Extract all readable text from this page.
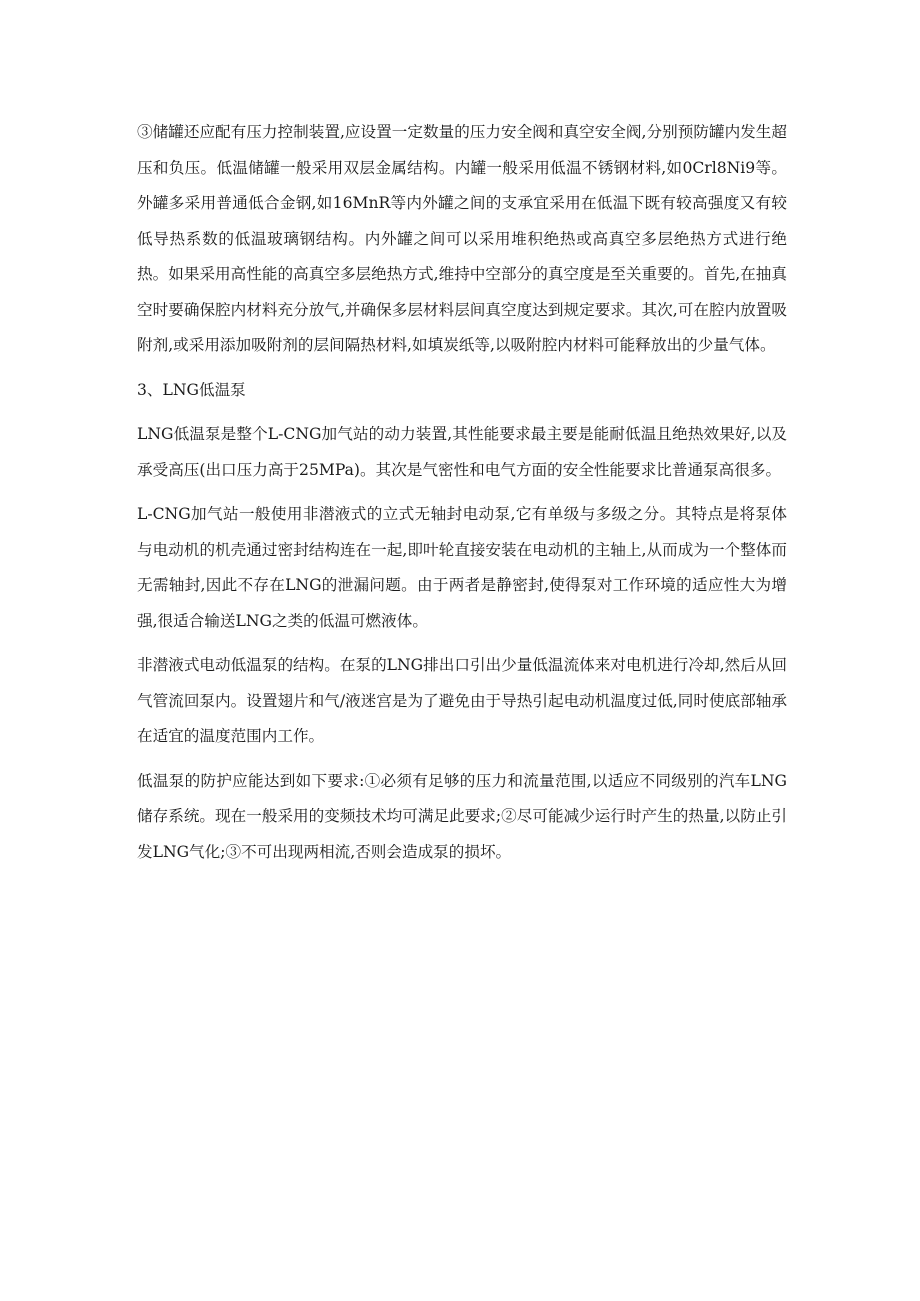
③储罐还应配有压力控制装置,应设置一定数量的压力安全阀和真空安全阀,分别预防罐内发生超压和负压。低温储罐一般采用双层金属结构。内罐一般采用低温不锈钢材料,如0Crl8Ni9等。外罐多采用普通低合金钢,如16MnR等内外罐之间的支承宜采用在低温下既有较高强度又有较低导热系数的低温玻璃钢结构。内外罐之间可以采用堆积绝热或高真空多层绝热方式进行绝热。如果采用高性能的高真空多层绝热方式,维持中空部分的真空度是至关重要的。首先,在抽真空时要确保腔内材料充分放气,并确保多层材料层间真空度达到规定要求。其次,可在腔内放置吸附剂,或采用添加吸附剂的层间隔热材料,如填炭纸等,以吸附腔内材料可能释放出的少量气体。

3、LNG低温泵

LNG低温泵是整个L-CNG加气站的动力装置,其性能要求最主要是能耐低温且绝热效果好,以及承受高压(出口压力高于25MPa)。其次是气密性和电气方面的安全性能要求比普通泵高很多。

L-CNG加气站一般使用非潜液式的立式无轴封电动泵,它有单级与多级之分。其特点是将泵体与电动机的机壳通过密封结构连在一起,即叶轮直接安装在电动机的主轴上,从而成为一个整体而无需轴封,因此不存在LNG的泄漏问题。由于两者是静密封,使得泵对工作环境的适应性大为增强,很适合输送LNG之类的低温可燃液体。

非潜液式电动低温泵的结构。在泵的LNG排出口引出少量低温流体来对电机进行冷却,然后从回气管流回泵内。设置翅片和气/液迷宫是为了避免由于导热引起电动机温度过低,同时使底部轴承在适宜的温度范围内工作。

低温泵的防护应能达到如下要求:①必须有足够的压力和流量范围,以适应不同级别的汽车LNG储存系统。现在一般采用的变频技术均可满足此要求;②尽可能减少运行时产生的热量,以防止引发LNG气化;③不可出现两相流,否则会造成泵的损坏。
